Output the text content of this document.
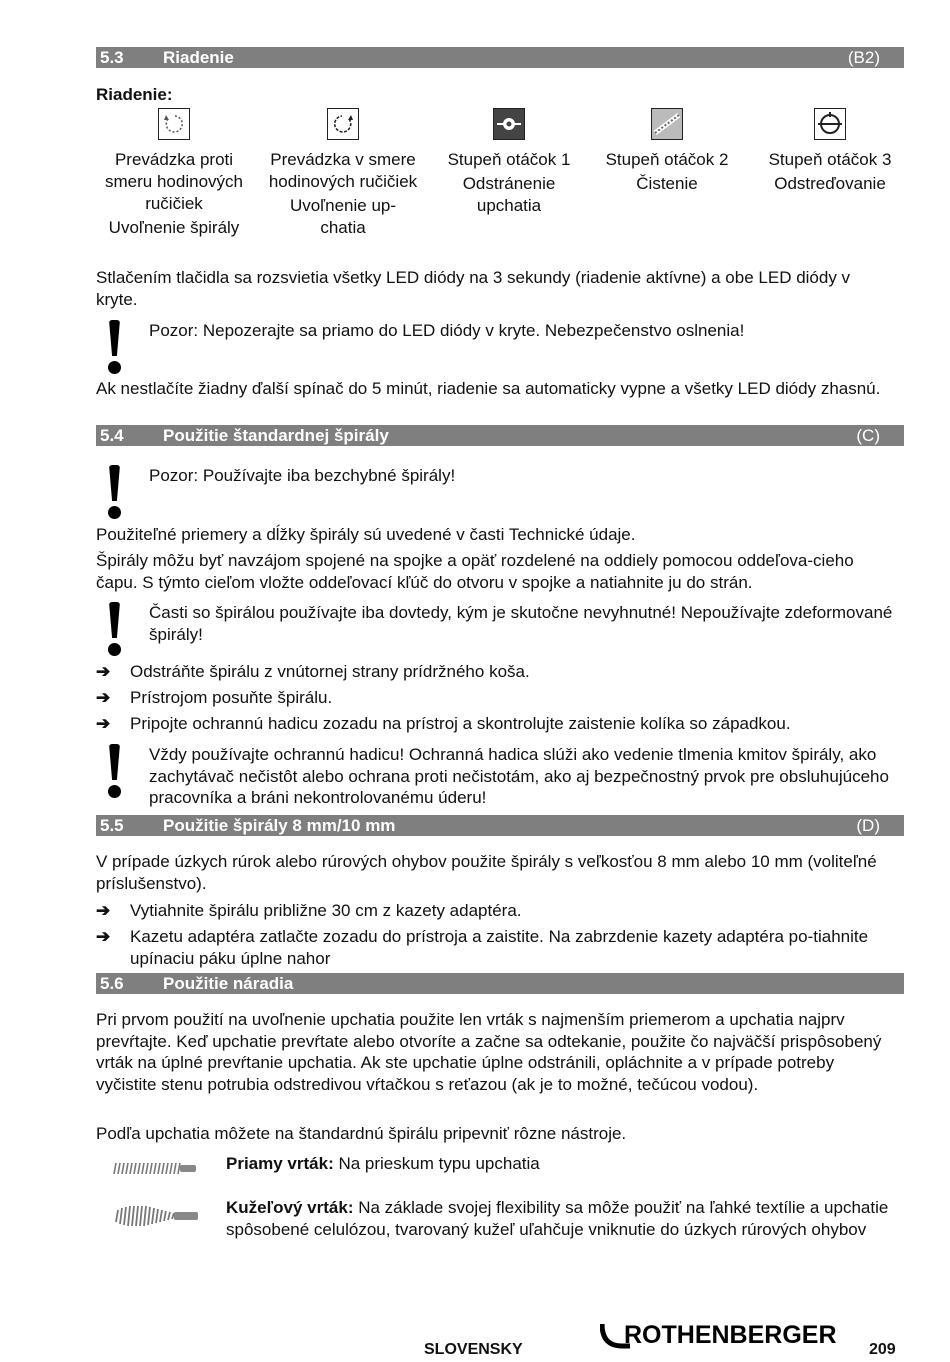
5.3 Riadenie	(B2)
Riadenie:
Prevádzka proti smeru hodinových ručičiek
Uvoľnenie špirály
Prevádzka v smere hodinových ručičiek
Uvoľnenie up-chatia
Stupeň otáčok 1
Odstránenie upchatia
Stupeň otáčok 2
Čistenie
Stupeň otáčok 3
Odstreďovanie

Stlačením tlačidla sa rozsvietia všetky LED diódy na 3 sekundy (riadenie aktívne) a obe LED diódy v kryte.

Pozor: Nepozerajte sa priamo do LED diódy v kryte. Nebezpečenstvo oslnenia!

Ak nestlačíte žiadny ďalší spínač do 5 minút, riadenie sa automaticky vypne a všetky LED diódy zhasnú.

5.4 Použitie štandardnej špirály	(C)

Pozor: Používajte iba bezchybné špirály!

Použiteľné priemery a dĺžky špirály sú uvedené v časti Technické údaje.

Špirály môžu byť navzájom spojené na spojke a opäť rozdelené na oddiely pomocou oddeľova-cieho čapu. S týmto cieľom vložte oddeľovací kľúč do otvoru v spojke a natiahnite ju do strán.

Časti so špirálou používajte iba dovtedy, kým je skutočne nevyhnutné! Nepoužívajte zdeformované špirály!

➔ Odstráňte špirálu z vnútornej strany prídržného koša.
➔ Prístrojom posuňte špirálu.
➔ Pripojte ochrannú hadicu zozadu na prístroj a skontrolujte zaistenie kolíka so západkou.

Vždy používajte ochrannú hadicu! Ochranná hadica slúži ako vedenie tlmenia kmitov špirály, ako zachytávač nečistôt alebo ochrana proti nečistotám, ako aj bezpečnostný prvok pre obsluhujúceho pracovníka a bráni nekontrolovanému úderu!

5.5 Použitie špirály 8 mm/10 mm	(D)

V prípade úzkych rúrok alebo rúrových ohybov použite špirály s veľkosťou 8 mm alebo 10 mm (voliteľné príslušenstvo).

➔ Vytiahnite špirálu približne 30 cm z kazety adaptéra.
➔ Kazetu adaptéra zatlačte zozadu do prístroja a zaistite. Na zabrzdenie kazety adaptéra po-tiahnite upínaciu páku úplne nahor
5.6 Použitie náradia

Pri prvom použití na uvoľnenie upchatia použite len vrták s najmenším priemerom a upchatia najprv prevŕtajte. Keď upchatie prevŕtate alebo otvoríte a začne sa odtekanie, použite čo najväčší prispôsobený vrták na úplné prevŕtanie upchatia. Ak ste upchatie úplne odstránili, opláchnite a v prípade potreby vyčistite stenu potrubia odstredivou vŕtačkou s reťazou (ak je to možné, tečúcou vodou).

Podľa upchatia môžete na štandardnú špirálu pripevniť rôzne nástroje.

Priamy vrták: Na prieskum typu upchatia
Kužeľový vrták: Na základe svojej flexibility sa môže použiť na ľahké textílie a upchatie spôsobené celulózou, tvarovaný kužeľ uľahčuje vniknutie do úzkych rúrových ohybov
SLOVENSKY
ROTHENBERGER
209
